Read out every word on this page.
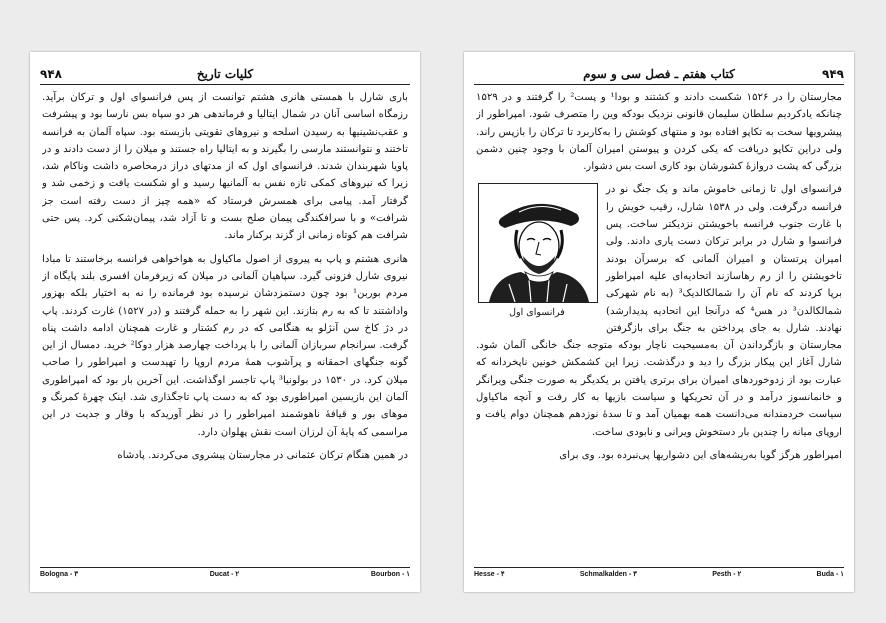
۹۴۸	کلیات تاریخ

باری شارل با همستی هانری هشتم توانست از پس فرانسوای اول و ترکان برآید. رزمگاه اساسی آنان در شمال ایتالیا و فرماندهی هر دو سپاه بس نارسا بود و پیشرفت و عقب‌نشینیها به رسیدن اسلحه و نیروهای تقویتی بازبسته بود. سپاه آلمان به فرانسه تاختند و نتوانستند مارسی را بگیرند و به ایتالیا راه جستند و میلان را از دست دادند و در پاویا شهربندان شدند. فرانسوای اول که از مدتهای دراز درمحاصره داشت وناکام شد، زیرا که نیروهای کمکی تازه نفس به آلمانیها رسید و او شکست یافت و زخمی شد و گرفتار آمد. پیامی برای همسرش فرستاد که «همه چیز از دست رفته است جز شرافت» و با سرافکندگی پیمان صلح بست و تا آزاد شد، پیمان‌شکنی کرد. پس حتی شرافت هم کوتاه زمانی از گزند برکنار ماند.

هانری هشتم و پاپ به پیروی از اصول ماکیاول به هواخواهی فرانسه برخاستند تا مبادا نیروی شارل فزونی گیرد. سپاهیان آلمانی در میلان که زیرفرمان افسری بلند پایگاه از مردم بوربن¹ بود چون دستمزدشان نرسیده بود فرمانده را نه به اختیار بلکه بهزور واداشتند تا که به رم بتازند. این شهر را به حمله گرفتند و (در ۱۵۲۷) غارت کردند. پاپ در دژ کاخ سن آنژلو به هنگامی که در رم کشتار و غارت همچنان ادامه داشت پناه گرفت. سرانجام سربازان آلمانی را با پرداخت چهارصد هزار دوکا² خرید. دمسال از این گونه جنگهای احمقانه و پرآشوب همهٔ مردم اروپا را تهیدست و امپراطور را صاحب میلان کرد. در ۱۵۳۰ در بولونیا³ پاپ تاجسر اوگذاشت. این آخرین بار بود که امپراطوری آلمان این بازیسین امپراطوری بود که به دست پاپ تاجگذاری شد. اینک چهرهٔ کمرنگ و موهای بور و قیافهٔ ناهوشمند امپراطور را در نظر آوریدکه با وقار و جدیت در این مراسمی که پایهٔ آن لرزان است نقش پهلوان دارد.

در همین هنگام ترکان عثمانی در مجارستان پیشروی می‌کردند. پادشاه

Bologna - ۳	Ducat - ۲	Bourbon - ۱
کتاب هفتم ـ فصل سی و سوم	۹۴۹

مجارستان را در ۱۵۲۶ شکست دادند و کشتند و بودا¹ و پست² را گرفتند و در ۱۵۲۹ چنانکه یادکردیم سلطان سلیمان قانونی نزدیک بودکه وین را متصرف شود. امپراطور از پیشرویها سخت به تکاپو افتاده بود و منتهای کوشش را به‌کاربرد تا ترکان را بازپس راند. ولی دراین تکاپو دریافت که یکی کردن و پیوستن امیران آلمان با وجود چنین دشمن بزرگی که پشت دروازهٔ کشورشان بود کاری است بس دشوار.

فرانسوای اول

فرانسوای اول تا زمانی خاموش ماند و یک جنگ نو در فرانسه درگرفت. ولی در ۱۵۳۸ شارل، رقیب خویش را با غارت جنوب فرانسه باخویشتن نزدیکتر ساخت. پس فرانسوا و شارل در برابر ترکان دست یاری دادند. ولی امیران پرتستان و امیران آلمانی که برسرآن بودند تاخویشتن را از رم رهاسازند اتحادیه‌ای علیه امپراطور برپا کردند که نام آن را شمالکالدیک³ (به نام شهرکی شمالکالدن³ در هس⁴ که درآنجا این اتحادیه پدیدارشد) نهادند. شارل به جای پرداختن به جنگ برای بازگرفتن مجارستان و بازگرداندن آن به‌مسیحیت ناچار بودکه متوجه جنگ خانگی آلمان شود. شارل آغاز این پیکار بزرگ را دید و درگذشت. زیرا این کشمکش خونین ناپخردانه که عبارت بود از زدوخوردهای امیران برای برتری یافتن بر یکدیگر به صورت جنگی ویرانگر و خانمانسوز درآمد و در آن تحریکها و سیاست بازیها به کار رفت و آنچه ماکیاول سیاست خردمندانه می‌دانست همه بهمیان آمد و تا سدهٔ نوزدهم همچنان دوام یافت و اروپای میانه را چندین بار دستخوش ویرانی و نابودی ساخت.

امپراطور هرگز گویا به‌ریشه‌های این دشواریها پی‌نبرده بود. وی برای

Hesse - ۴	Schmalkalden - ۳	Pesth - ۲	Buda - ۱
